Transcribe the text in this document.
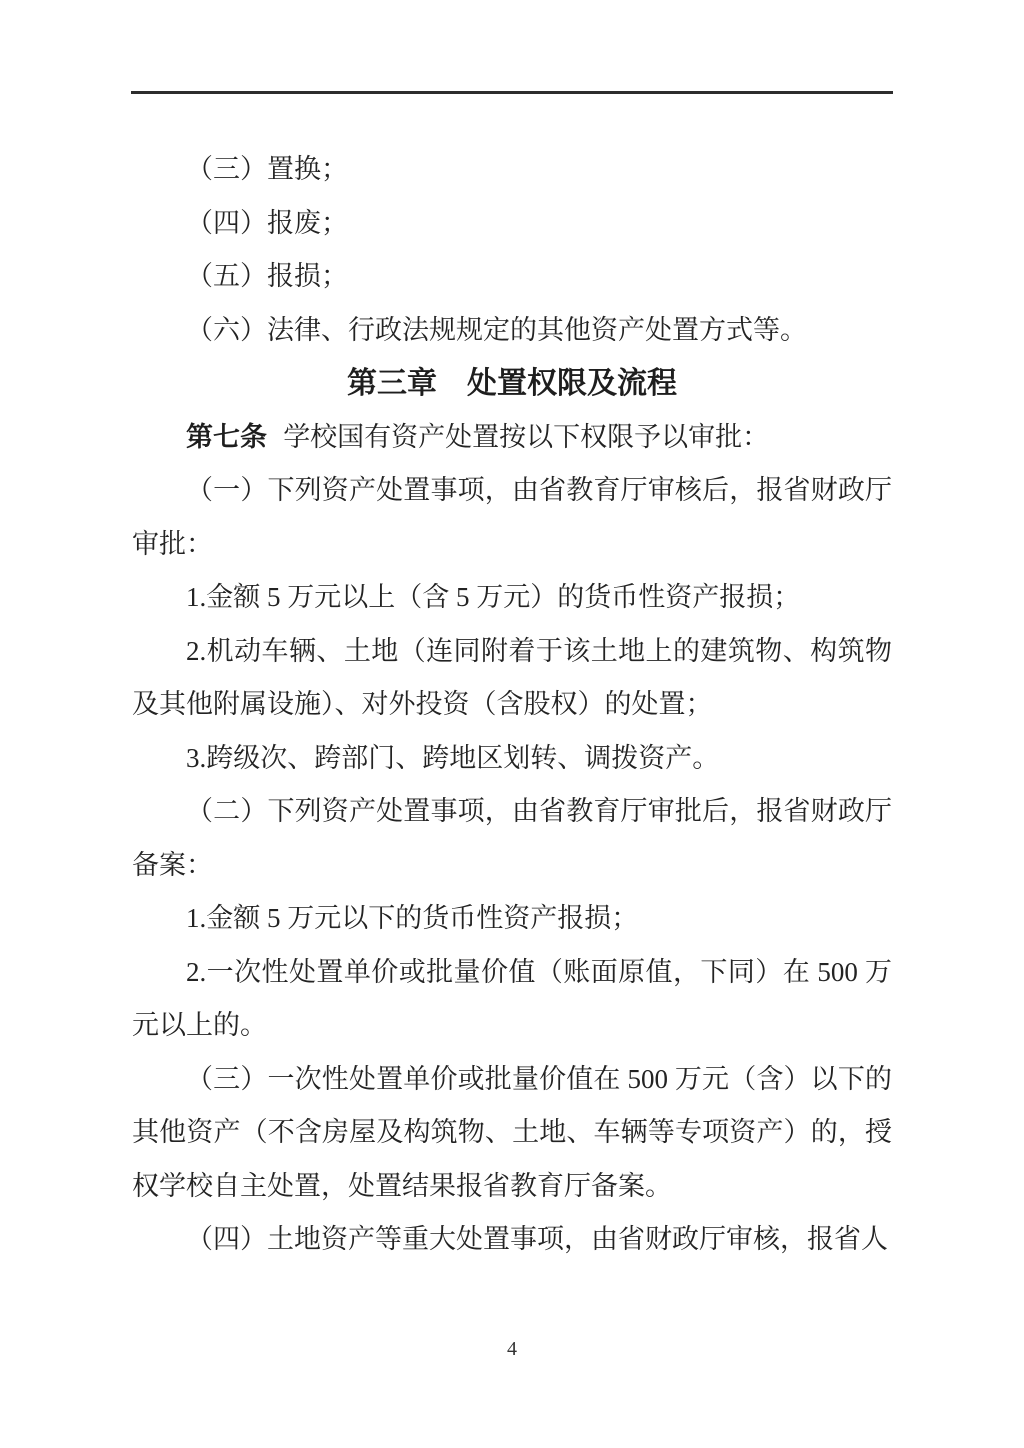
（三）置换；

（四）报废；

（五）报损；

（六）法律、行政法规规定的其他资产处置方式等。

第三章 处置权限及流程

第七条 学校国有资产处置按以下权限予以审批：

（一）下列资产处置事项，由省教育厅审核后，报省财政厅审批：

1.金额 5 万元以上（含 5 万元）的货币性资产报损；

2.机动车辆、土地（连同附着于该土地上的建筑物、构筑物及其他附属设施）、对外投资（含股权）的处置；

3.跨级次、跨部门、跨地区划转、调拨资产。

（二）下列资产处置事项，由省教育厅审批后，报省财政厅备案：

1.金额 5 万元以下的货币性资产报损；

2.一次性处置单价或批量价值（账面原值，下同）在 500 万元以上的。

（三）一次性处置单价或批量价值在 500 万元（含）以下的其他资产（不含房屋及构筑物、土地、车辆等专项资产）的，授权学校自主处置，处置结果报省教育厅备案。

（四）土地资产等重大处置事项，由省财政厅审核，报省人

4
